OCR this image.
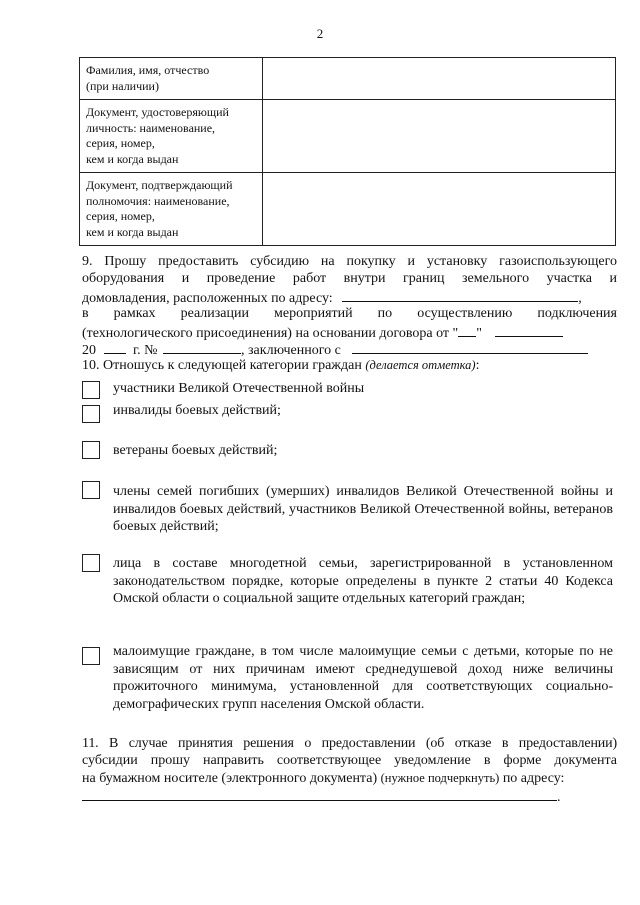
2
Фамилия, имя, отчество
(при наличии)	
Документ, удостоверяющий
личность: наименование,
серия, номер,
кем и когда выдан	
Документ, подтверждающий
полномочия: наименование,
серия, номер,
кем и когда выдан	
9. Прошу предоставить субсидию на покупку и установку газоиспользующего
оборудования и проведение работ внутри границ земельного участка и
домовладения, расположенных по адресу:	,
в рамках реализации мероприятий по осуществлению подключения
(технологического присоединения) на основании договора от " "
20	г. №	, заключенного с
10. Отношусь к следующей категории граждан (делается отметка):
участники Великой Отечественной войны
инвалиды боевых действий;
ветераны боевых действий;
члены семей погибших (умерших) инвалидов Великой Отечественной войны и инвалидов боевых действий, участников Великой Отечественной войны, ветеранов боевых действий;
лица в составе многодетной семьи, зарегистрированной в установленном законодательством порядке, которые определены в пункте 2 статьи 40 Кодекса Омской области о социальной защите отдельных категорий граждан;
малоимущие граждане, в том числе малоимущие семьи с детьми, которые по не зависящим от них причинам имеют среднедушевой доход ниже величины прожиточного минимума, установленной для соответствующих социально-демографических групп населения Омской области.
11. В случае принятия решения о предоставлении (об отказе в предоставлении)
субсидии прошу направить соответствующее уведомление в форме документа
на бумажном носителе (электронного документа) (нужное подчеркнуть) по адресу:
.
